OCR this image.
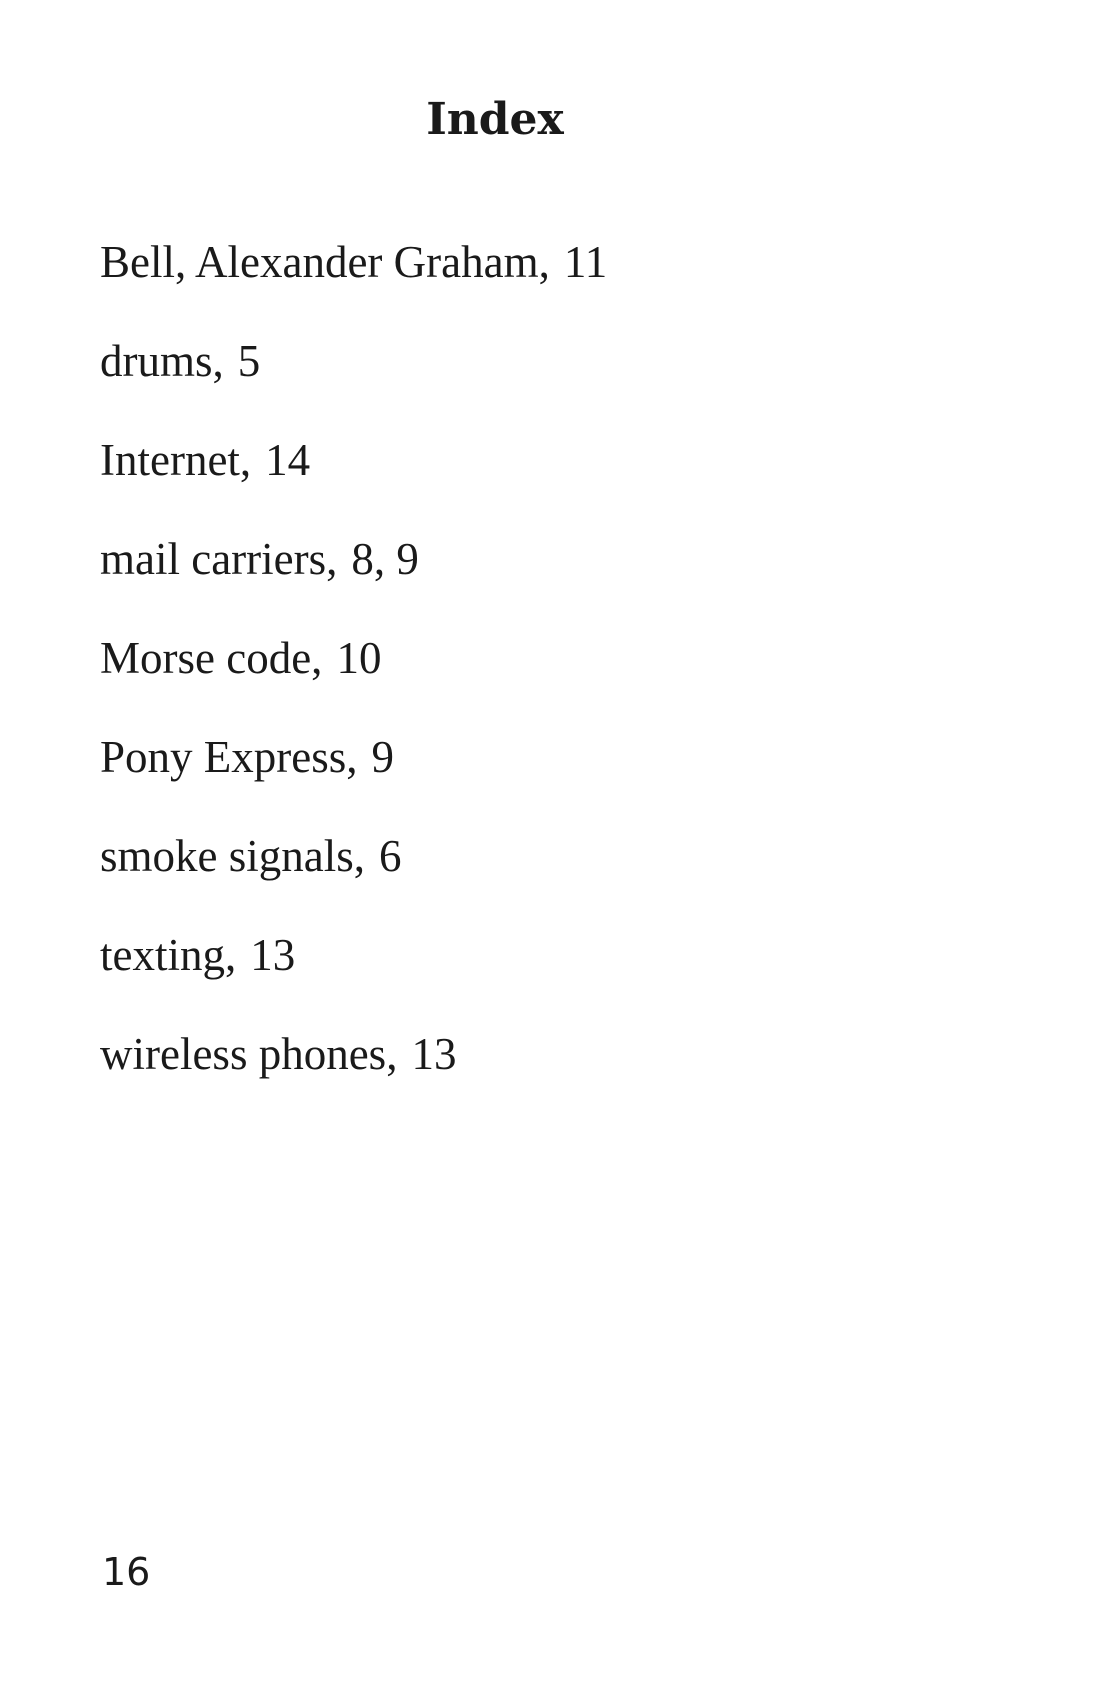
Index
Bell, Alexander Graham, 11
drums, 5
Internet, 14
mail carriers, 8, 9
Morse code, 10
Pony Express, 9
smoke signals, 6
texting, 13
wireless phones, 13
16
